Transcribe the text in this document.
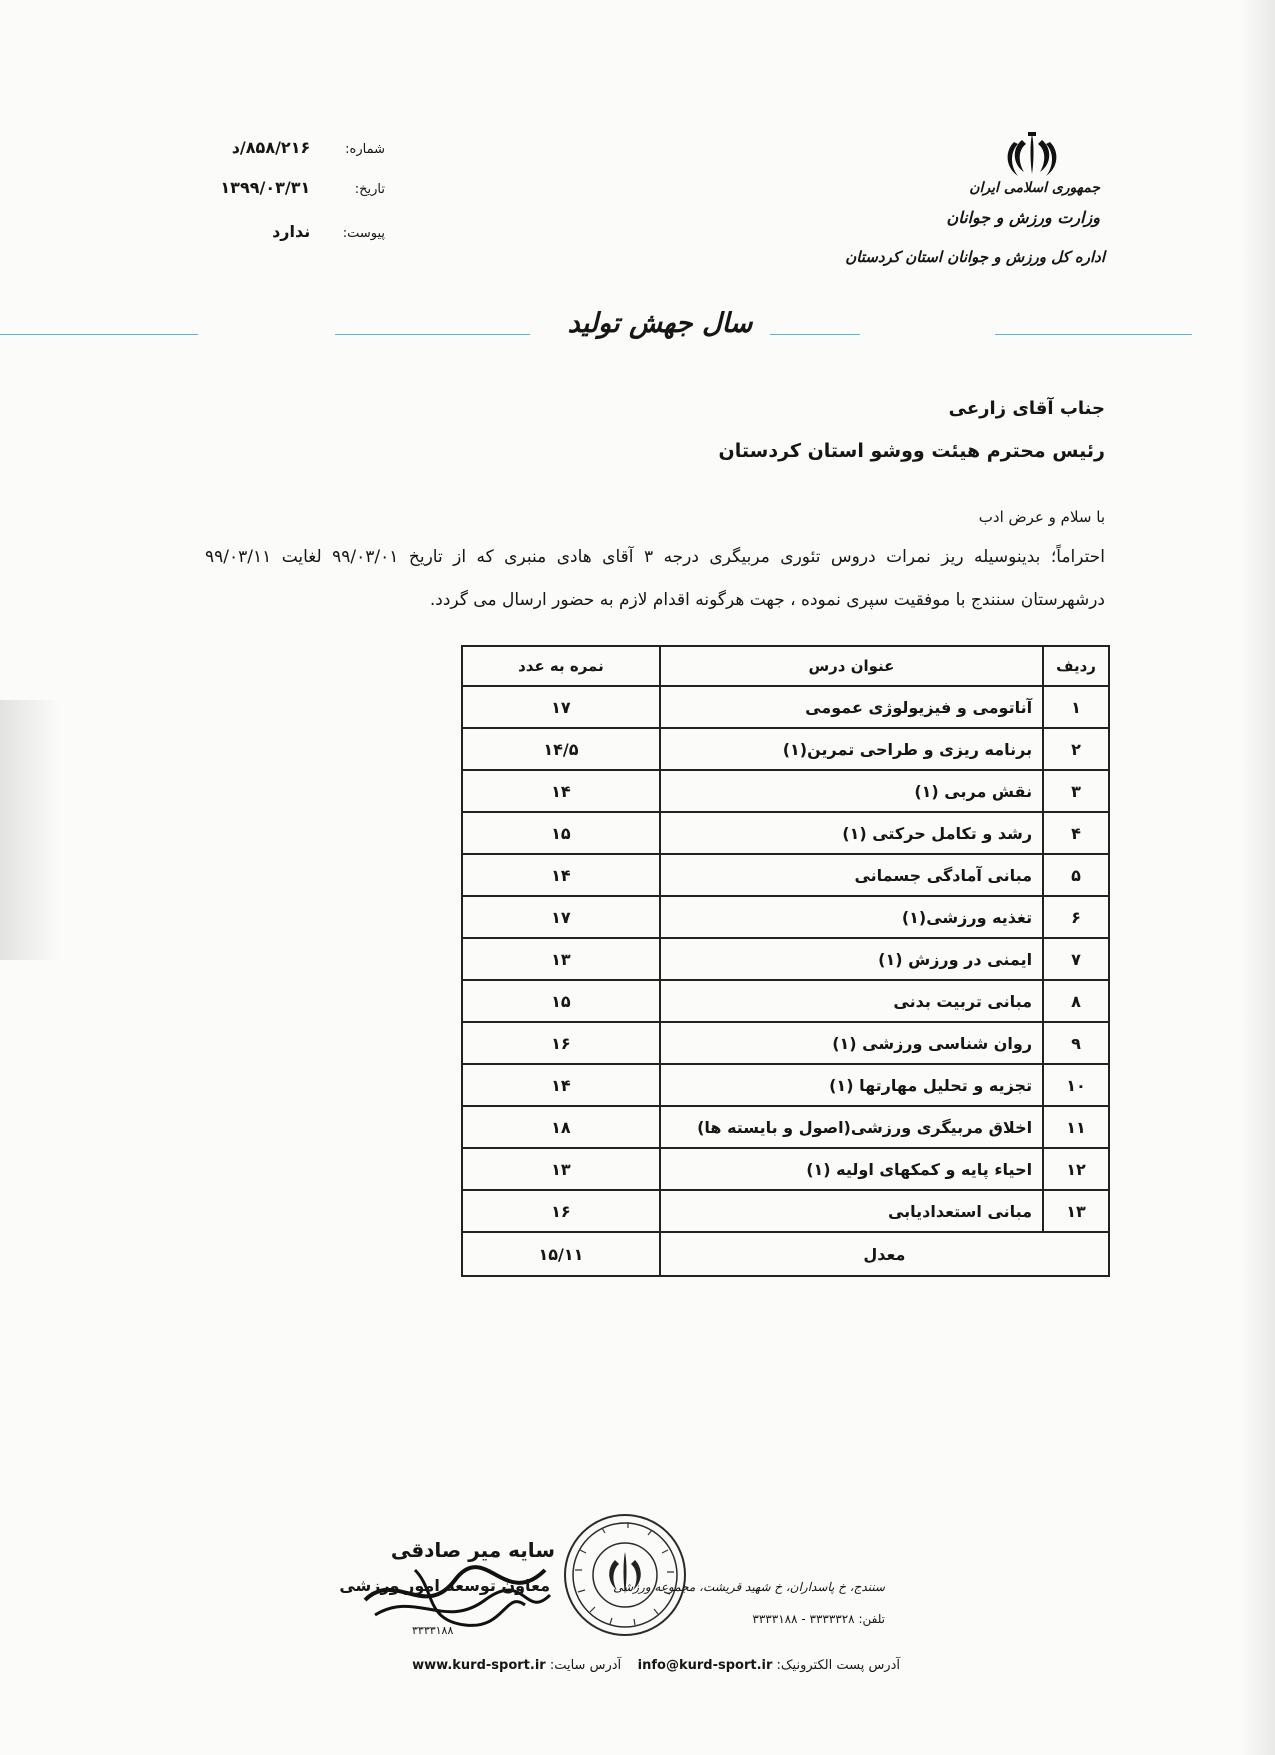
جمهوری اسلامی ایران
وزارت ورزش و جوانان
اداره کل ورزش و جوانان استان کردستان
شماره: ۸۵۸/۲۱۶/د
تاریخ: ۱۳۹۹/۰۳/۳۱
پیوست: ندارد
سال جهش تولید
جناب آقای زارعی
رئیس محترم هیئت ووشو استان کردستان
با سلام و عرض ادب
احتراماً؛ بدینوسیله ریز نمرات دروس تئوری مربیگری درجه ۳ آقای هادی منبری که از تاریخ ۹۹/۰۳/۰۱ لغایت ۹۹/۰۳/۱۱ درشهرستان سنندج با موفقیت سپری نموده ، جهت هرگونه اقدام لازم به حضور ارسال می گردد.
ردیف	عنوان درس	نمره به عدد
۱	آناتومی و فیزیولوژی عمومی	۱۷
۲	برنامه ریزی و طراحی تمرین(۱)	۱۴/۵
۳	نقش مربی (۱)	۱۴
۴	رشد و تکامل حرکتی (۱)	۱۵
۵	مبانی آمادگی جسمانی	۱۴
۶	تغذیه ورزشی(۱)	۱۷
۷	ایمنی در ورزش (۱)	۱۳
۸	مبانی تربیت بدنی	۱۵
۹	روان شناسی ورزشی (۱)	۱۶
۱۰	تجزیه و تحلیل مهارتها (۱)	۱۴
۱۱	اخلاق مربیگری ورزشی(اصول و بایسته ها)	۱۸
۱۲	احیاء پایه و کمکهای اولیه (۱)	۱۳
۱۳	مبانی استعدادیابی	۱۶
معدل		۱۵/۱۱
سایه میر صادقی
معاون توسعه امور ورزشی	سنندج، خ پاسداران، خ شهید قریشت، مجموعه ورزشی
تلفن: ۳۳۳۳۳۲۸ - ۳۳۳۳۱۸۸
۳۳۳۳۱۸۸
آدرس پست الکترونیک: info@kurd-sport.ir    آدرس سایت: www.kurd-sport.ir
